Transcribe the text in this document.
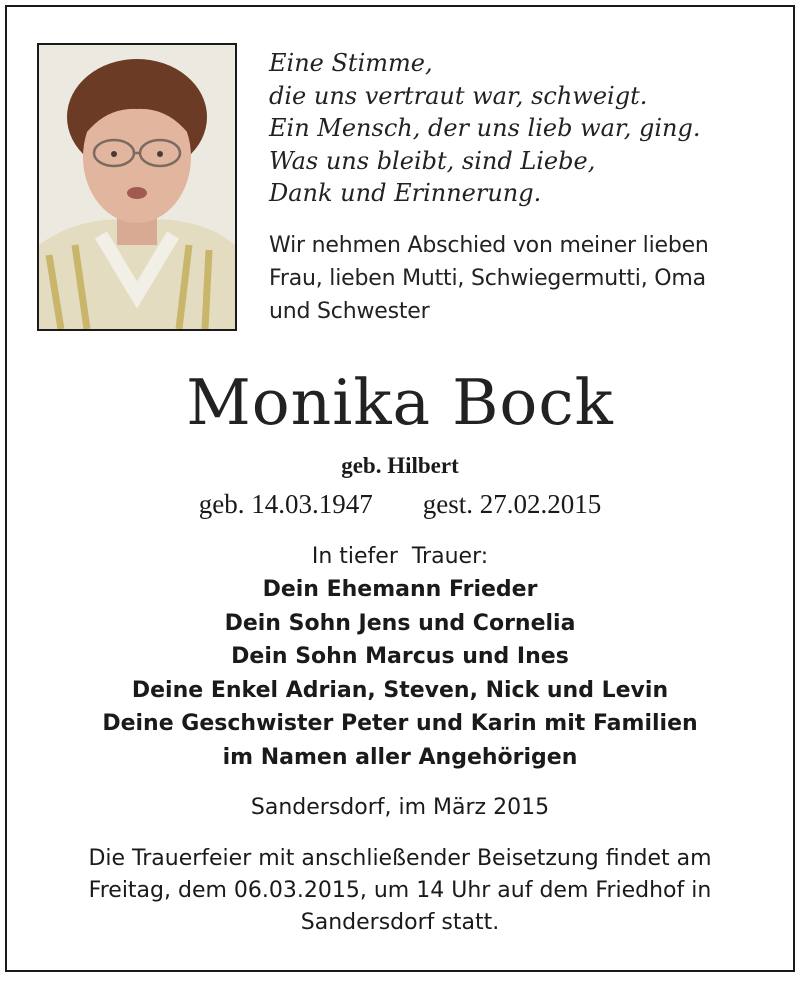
Eine Stimme,
die uns vertraut war, schweigt.
Ein Mensch, der uns lieb war, ging.
Was uns bleibt, sind Liebe,
Dank und Erinnerung.
Wir nehmen Abschied von meiner lieben
Frau, lieben Mutti, Schwiegermutti, Oma
und Schwester
Monika Bock
geb. Hilbert
geb. 14.03.1947 gest. 27.02.2015
In tiefer  Trauer:
Dein Ehemann Frieder
Dein Sohn Jens und Cornelia
Dein Sohn Marcus und Ines
Deine Enkel Adrian, Steven, Nick und Levin
Deine Geschwister Peter und Karin mit Familien
im Namen aller Angehörigen
Sandersdorf, im März 2015
Die Trauerfeier mit anschließender Beisetzung findet am
Freitag, dem 06.03.2015, um 14 Uhr auf dem Friedhof in
Sandersdorf statt.
